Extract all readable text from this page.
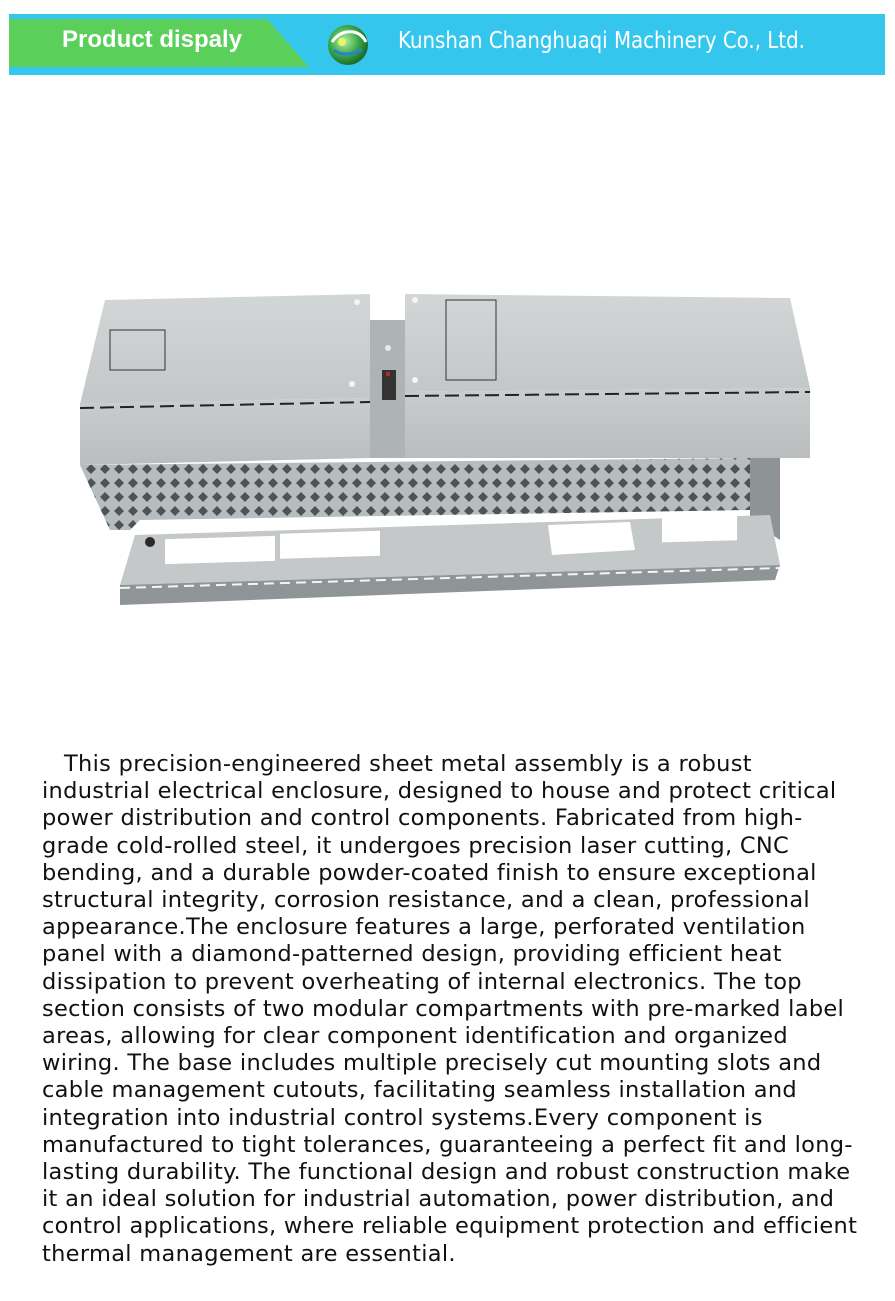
Product dispaly	Kunshan Changhuaqi Machinery Co., Ltd.

This precision-engineered sheet metal assembly is a robust industrial electrical enclosure, designed to house and protect critical power distribution and control components. Fabricated from high-grade cold-rolled steel, it undergoes precision laser cutting, CNC bending, and a durable powder-coated finish to ensure exceptional structural integrity, corrosion resistance, and a clean, professional appearance.The enclosure features a large, perforated ventilation panel with a diamond-patterned design, providing efficient heat dissipation to prevent overheating of internal electronics. The top section consists of two modular compartments with pre-marked label areas, allowing for clear component identification and organized wiring. The base includes multiple precisely cut mounting slots and cable management cutouts, facilitating seamless installation and integration into industrial control systems.Every component is manufactured to tight tolerances, guaranteeing a perfect fit and long-lasting durability. The functional design and robust construction make it an ideal solution for industrial automation, power distribution, and control applications, where reliable equipment protection and efficient thermal management are essential.
